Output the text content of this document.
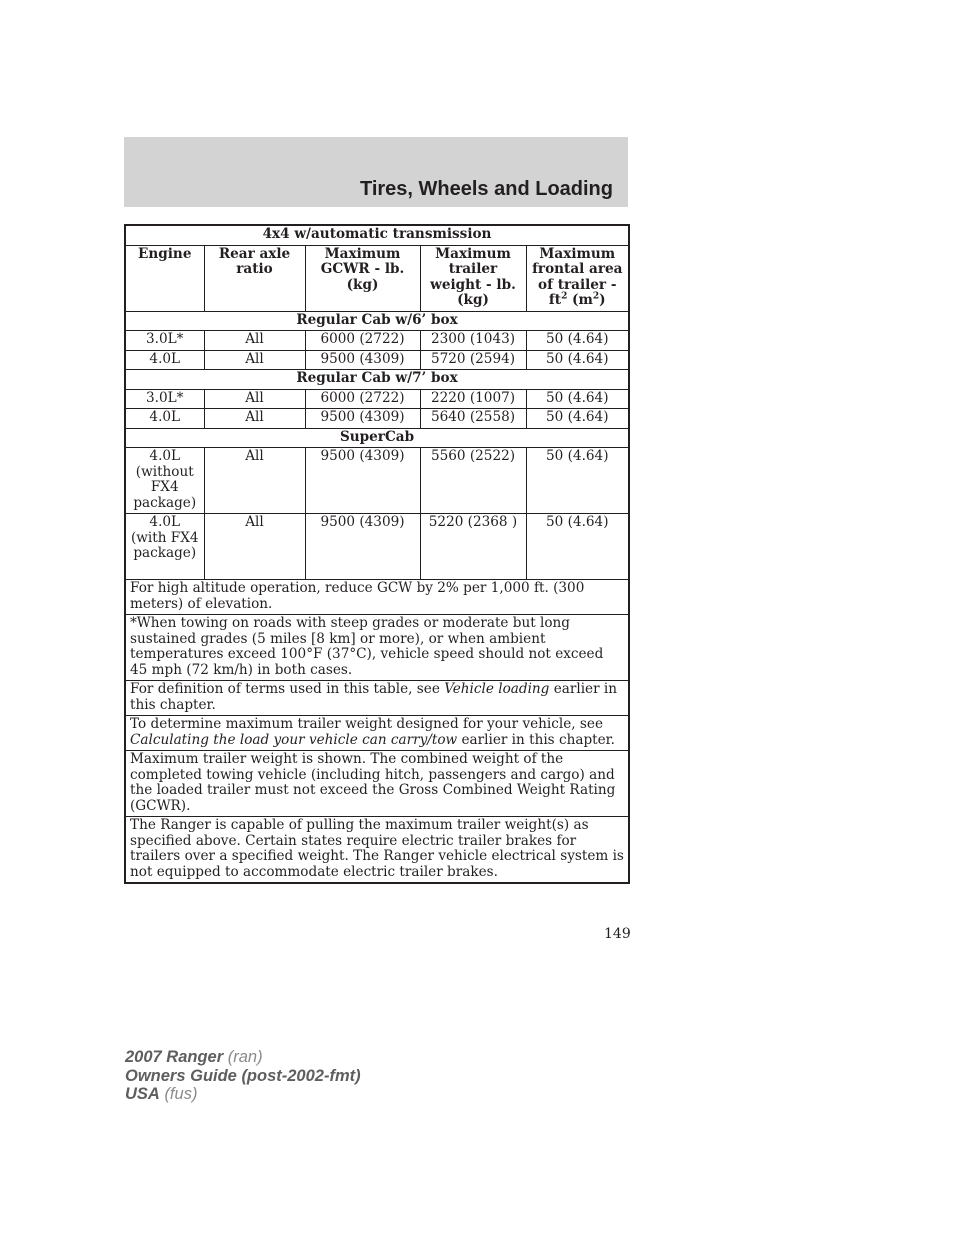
Tires, Wheels and Loading
4x4 w/automatic transmission				
Engine	Rear axle ratio	Maximum GCWR - lb. (kg)	Maximum trailer weight - lb. (kg)	Maximum frontal area of trailer - $ft^2$ $(m^2)$
Regular Cab w/6’ box				
3.0L*	All	6000 (2722)	2300 (1043)	50 (4.64)
4.0L	All	9500 (4309)	5720 (2594)	50 (4.64)
Regular Cab w/7’ box				
3.0L*	All	6000 (2722)	2220 (1007)	50 (4.64)
4.0L	All	9500 (4309)	5640 (2558)	50 (4.64)
SuperCab				
4.0L (without FX4 package)	All	9500 (4309)	5560 (2522)	50 (4.64)
4.0L (with FX4 package)	All	9500 (4309)	5220 (2368 )	50 (4.64)
For high altitude operation, reduce GCW by 2% per 1,000 ft. (300 meters) of elevation.				
*When towing on roads with steep grades or moderate but long sustained grades (5 miles [8 km] or more), or when ambient temperatures exceed 100°F (37°C), vehicle speed should not exceed 45 mph (72 km/h) in both cases.				
For definition of terms used in this table, see Vehicle loading earlier in this chapter.				
To determine maximum trailer weight designed for your vehicle, see Calculating the load your vehicle can carry/tow earlier in this chapter.				
Maximum trailer weight is shown. The combined weight of the completed towing vehicle (including hitch, passengers and cargo) and the loaded trailer must not exceed the Gross Combined Weight Rating (GCWR).				
The Ranger is capable of pulling the maximum trailer weight(s) as specified above. Certain states require electric trailer brakes for trailers over a specified weight. The Ranger vehicle electrical system is not equipped to accommodate electric trailer brakes.				

149

2007 Ranger (ran)
Owners Guide (post-2002-fmt)
USA (fus)
